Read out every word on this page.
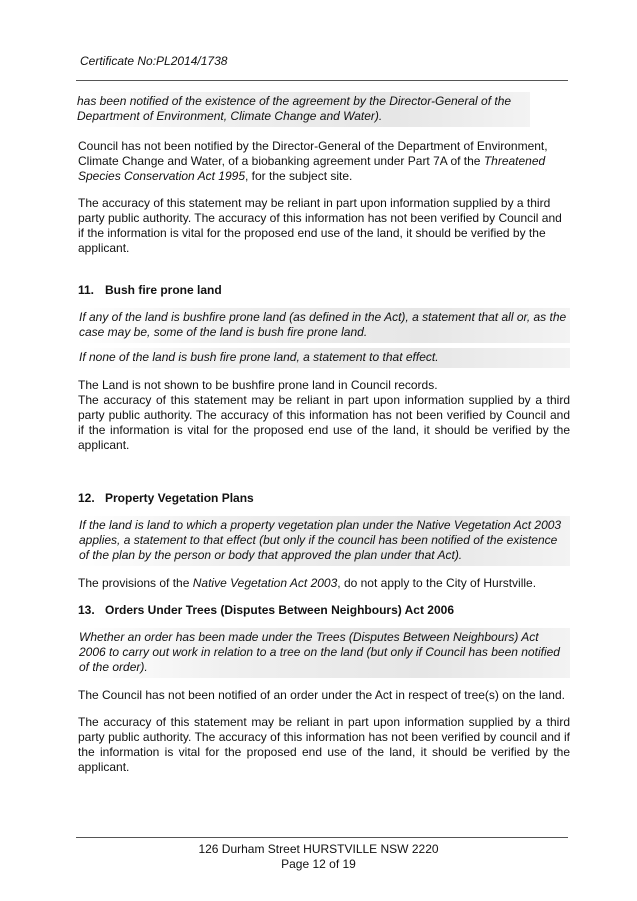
Certificate No:PL2014/1738

has been notified of the existence of the agreement by the Director-General of the Department of Environment, Climate Change and Water).

Council has not been notified by the Director-General of the Department of Environment, Climate Change and Water, of a biobanking agreement under Part 7A of the Threatened Species Conservation Act 1995, for the subject site.

The accuracy of this statement may be reliant in part upon information supplied by a third party public authority. The accuracy of this information has not been verified by Council and if the information is vital for the proposed end use of the land, it should be verified by the applicant.

11. Bush fire prone land

If any of the land is bushfire prone land (as defined in the Act), a statement that all or, as the case may be, some of the land is bush fire prone land.

If none of the land is bush fire prone land, a statement to that effect.

The Land is not shown to be bushfire prone land in Council records.

The accuracy of this statement may be reliant in part upon information supplied by a third party public authority. The accuracy of this information has not been verified by Council and if the information is vital for the proposed end use of the land, it should be verified by the applicant.

12. Property Vegetation Plans

If the land is land to which a property vegetation plan under the Native Vegetation Act 2003 applies, a statement to that effect (but only if the council has been notified of the existence of the plan by the person or body that approved the plan under that Act).

The provisions of the Native Vegetation Act 2003, do not apply to the City of Hurstville.

13. Orders Under Trees (Disputes Between Neighbours) Act 2006

Whether an order has been made under the Trees (Disputes Between Neighbours) Act 2006 to carry out work in relation to a tree on the land (but only if Council has been notified of the order).

The Council has not been notified of an order under the Act in respect of tree(s) on the land.

The accuracy of this statement may be reliant in part upon information supplied by a third party public authority. The accuracy of this information has not been verified by council and if the information is vital for the proposed end use of the land, it should be verified by the applicant.

126 Durham Street HURSTVILLE NSW 2220
Page 12 of 19
